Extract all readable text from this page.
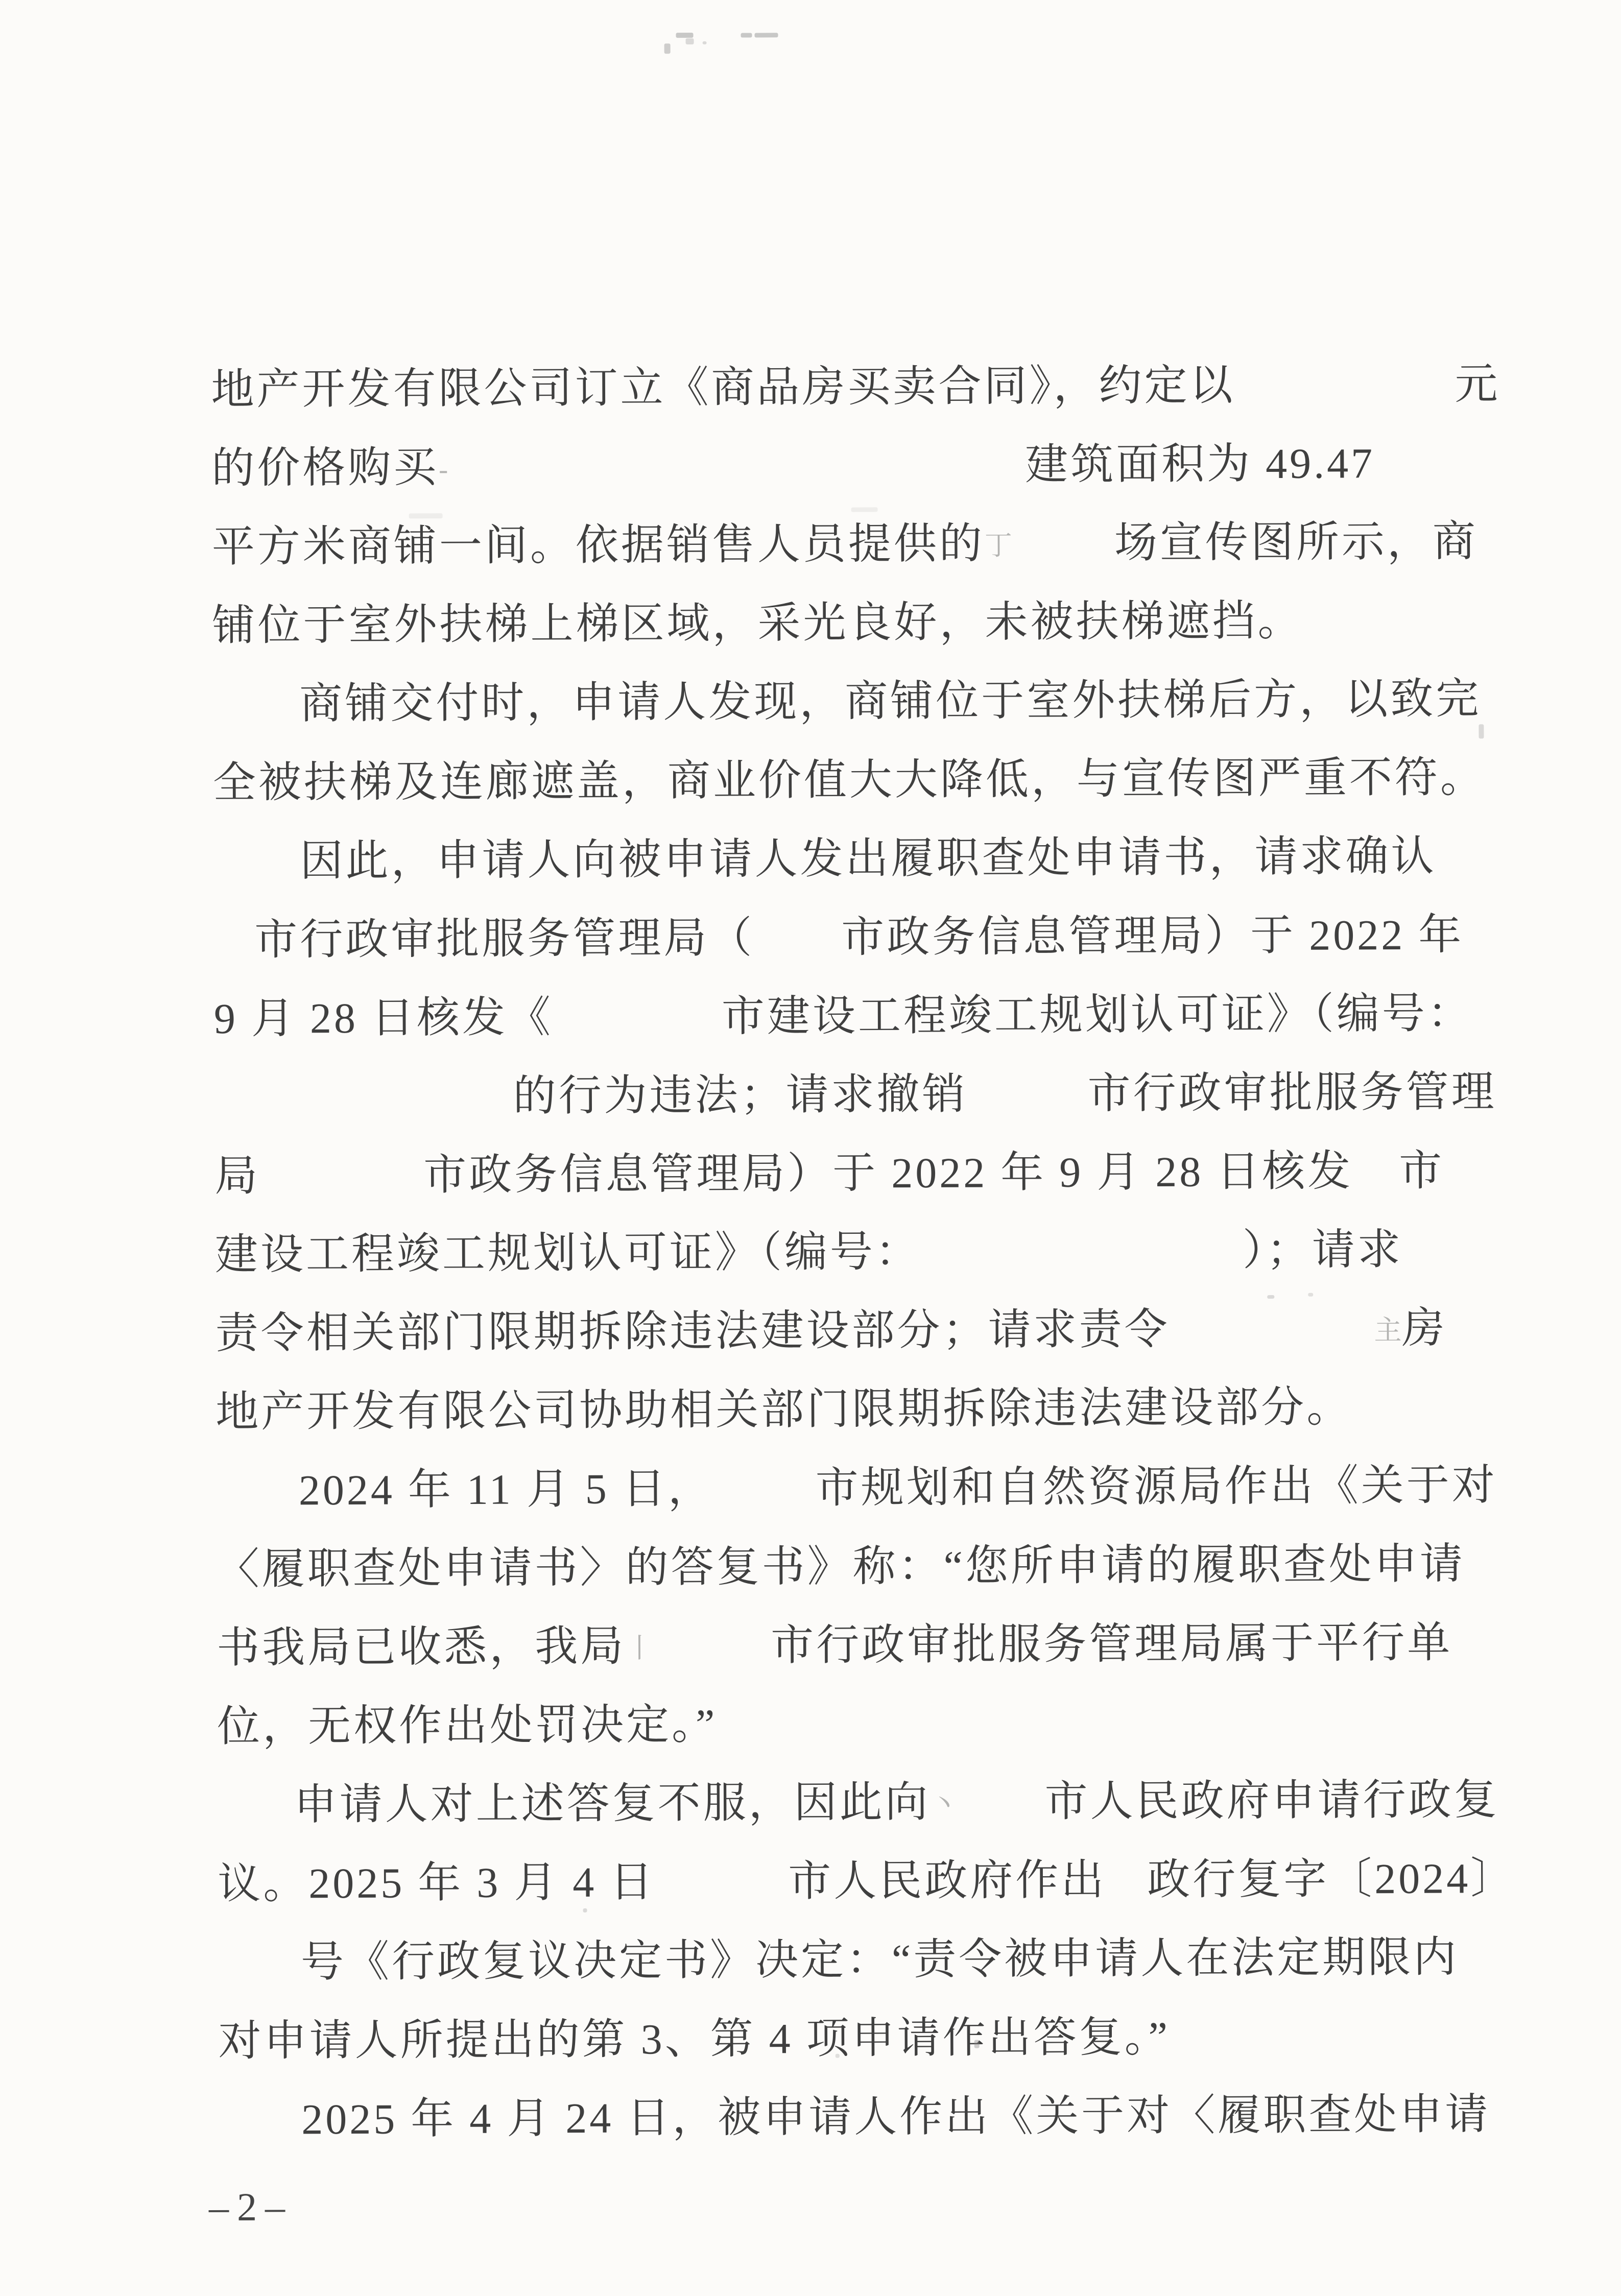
地产开发有限公司订立《商品房买卖合同》，约定以	元
的价格购买 -	建筑面积为 49.47
平方米商铺一间。依据销售人员提供的 丁 场宣传图所示，商
铺位于室外扶梯上梯区域，采光良好，未被扶梯遮挡。
商铺交付时，申请人发现，商铺位于室外扶梯后方，以致完
全被扶梯及连廊遮盖，商业价值大大降低，与宣传图严重不符。
因此，申请人向被申请人发出履职查处申请书，请求确认
市行政审批服务管理局（ 市政务信息管理局）于 2022 年
9 月 28 日核发《	市建设工程竣工规划认可证》（编号：
的行为违法；请求撤销	市行政审批服务管理
局	市政务信息管理局）于 2022 年 9 月 28 日核发 市
建设工程竣工规划认可证》（编号：	）；请求
责令相关部门限期拆除违法建设部分；请求责令	主 房
地产开发有限公司协助相关部门限期拆除违法建设部分。
2024 年 11 月 5 日， 市规划和自然资源局作出《关于对
〈履职查处申请书〉的答复书》称：“您所申请的履职查处申请
书我局已收悉，我局 丨	市行政审批服务管理局属于平行单
位，无权作出处罚决定。”
申请人对上述答复不服，因此向 丶 市人民政府申请行政复
议。2025 年 3 月 4 日	市人民政府作出 政行复字〔2024〕
号《行政复议决定书》决定：“责令被申请人在法定期限内
对申请人所提出的第 3、第 4 项申请作出答复。”
2025 年 4 月 24 日，被申请人作出《关于对〈履职查处申请
–2–
